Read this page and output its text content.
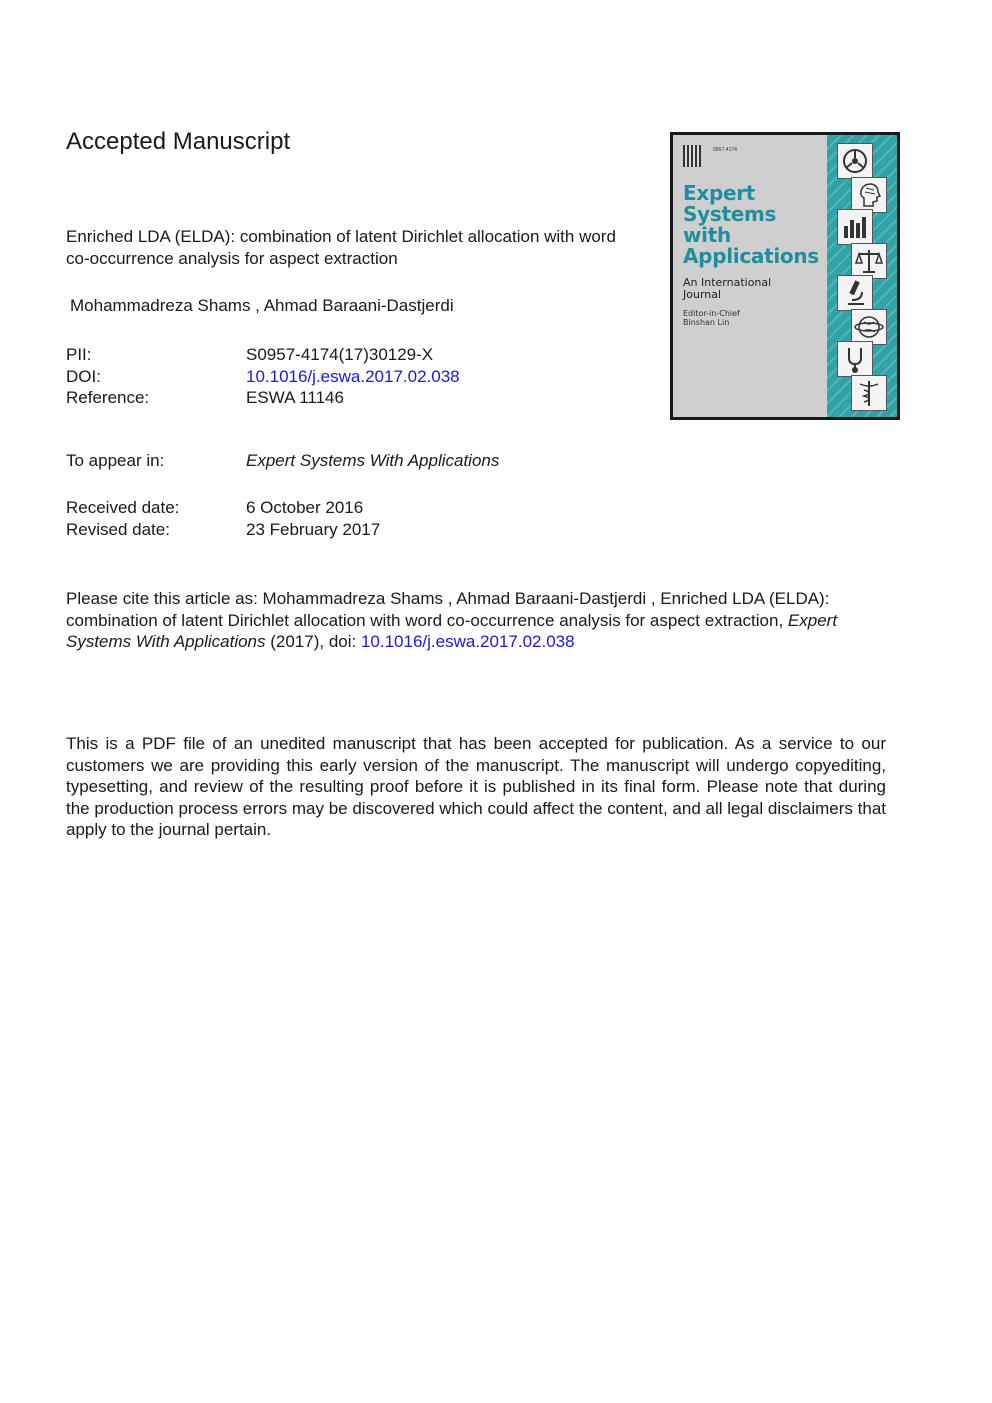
Accepted Manuscript
Enriched LDA (ELDA): combination of latent Dirichlet allocation with word co-occurrence analysis for aspect extraction
Mohammadreza Shams , Ahmad Baraani-Dastjerdi
PII:	S0957-4174(17)30129-X
DOI:	10.1016/j.eswa.2017.02.038
Reference:	ESWA 11146
To appear in:	Expert Systems With Applications
Received date:	6 October 2016
Revised date:	23 February 2017
Please cite this article as: Mohammadreza Shams , Ahmad Baraani-Dastjerdi , Enriched LDA (ELDA): combination of latent Dirichlet allocation with word co-occurrence analysis for aspect extraction, Expert Systems With Applications (2017), doi: 10.1016/j.eswa.2017.02.038
This is a PDF file of an unedited manuscript that has been accepted for publication. As a service to our customers we are providing this early version of the manuscript. The manuscript will undergo copyediting, typesetting, and review of the resulting proof before it is published in its final form. Please note that during the production process errors may be discovered which could affect the content, and all legal disclaimers that apply to the journal pertain.
0957-4174
Expert
Systems
with
Applications
An International
Journal
Editor-in-Chief
Binshan Lin
